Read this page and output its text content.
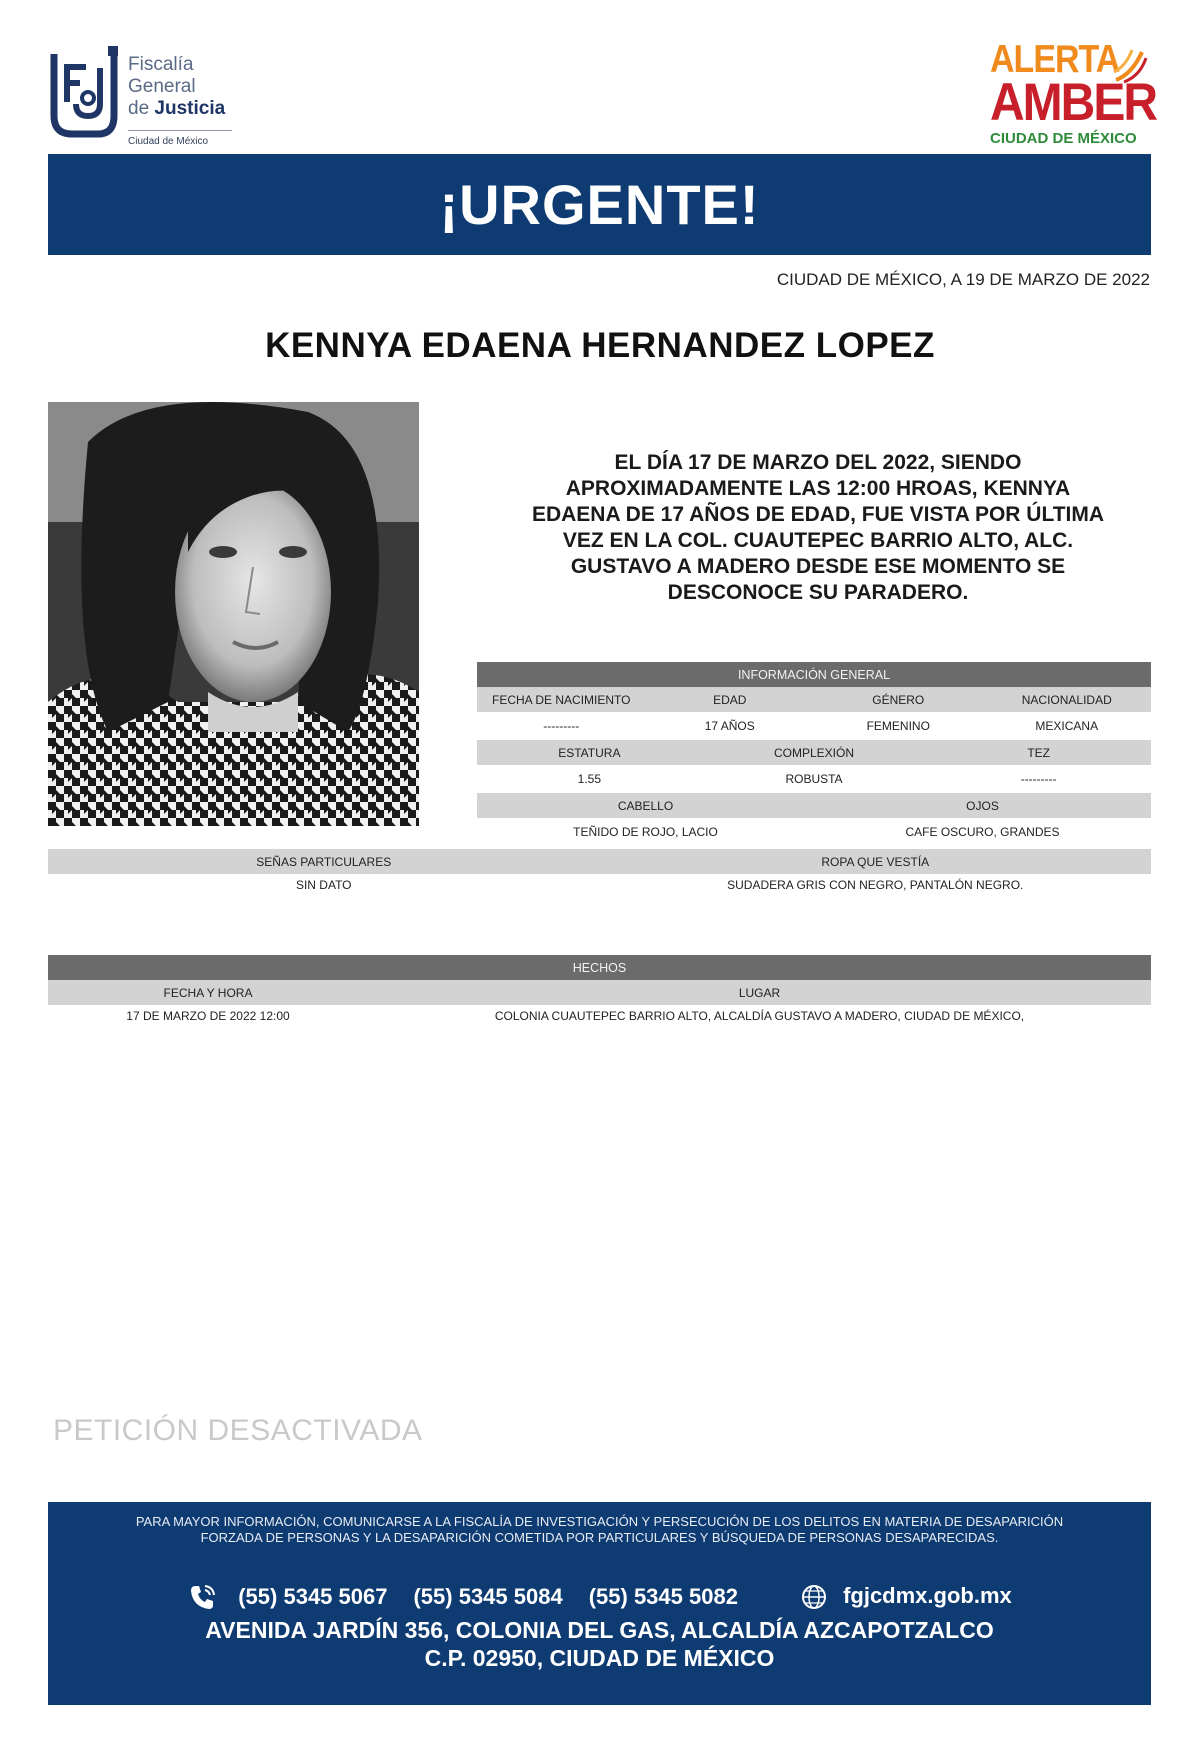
Fiscalía
General
de Justicia
Ciudad de México
ALERTA
AMBER
CIUDAD DE MÉXICO
¡URGENTE!
CIUDAD DE MÉXICO, A 19 DE MARZO DE 2022
KENNYA EDAENA HERNANDEZ LOPEZ
EL DÍA 17 DE MARZO DEL 2022, SIENDO
APROXIMADAMENTE LAS 12:00 HROAS, KENNYA
EDAENA DE 17 AÑOS DE EDAD, FUE VISTA POR ÚLTIMA
VEZ EN LA COL. CUAUTEPEC BARRIO ALTO, ALC.
GUSTAVO A MADERO DESDE ESE MOMENTO SE
DESCONOCE SU PARADERO.
INFORMACIÓN GENERAL
FECHA DE NACIMIENTO	EDAD	GÉNERO	NACIONALIDAD
---------	17 AÑOS	FEMENINO	MEXICANA
ESTATURA	COMPLEXIÓN	TEZ
1.55	ROBUSTA	---------
CABELLO	OJOS
TEÑIDO DE ROJO, LACIO	CAFE OSCURO, GRANDES
SEÑAS PARTICULARES	ROPA QUE VESTÍA
SIN DATO	SUDADERA GRIS CON NEGRO, PANTALÓN NEGRO.
HECHOS
FECHA Y HORA	LUGAR
17 DE MARZO DE 2022 12:00	COLONIA CUAUTEPEC BARRIO ALTO, ALCALDÍA GUSTAVO A MADERO, CIUDAD DE MÉXICO,
PETICIÓN DESACTIVADA
PARA MAYOR INFORMACIÓN, COMUNICARSE A LA FISCALÍA DE INVESTIGACIÓN Y PERSECUCIÓN DE LOS DELITOS EN MATERIA DE DESAPARICIÓN
FORZADA DE PERSONAS Y LA DESAPARICIÓN COMETIDA POR PARTICULARES Y BÚSQUEDA DE PERSONAS DESAPARECIDAS.
(55) 5345 5067 (55) 5345 5084 (55) 5345 5082	fgjcdmx.gob.mx
AVENIDA JARDÍN 356, COLONIA DEL GAS, ALCALDÍA AZCAPOTZALCO
C.P. 02950, CIUDAD DE MÉXICO
